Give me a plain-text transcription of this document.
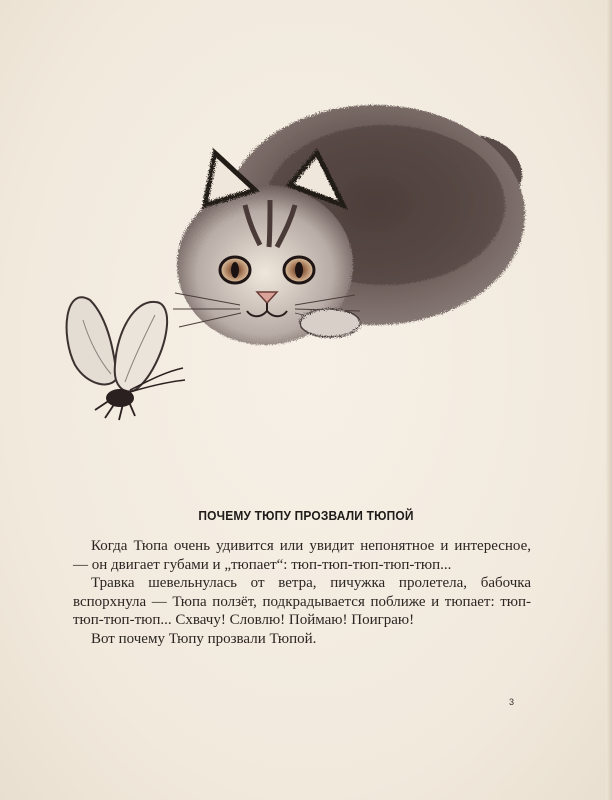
ПОЧЕМУ ТЮПУ ПРОЗВАЛИ ТЮПОЙ

Когда Тюпа очень удивится или увидит непонятное и интересное, — он двигает губами и „тюпает“: тюп-тюп-тюп-тюп-тюп...

Травка шевельнулась от ветра, пичужка пролетела, бабочка вспорхнула — Тюпа ползёт, подкрадывается поближе и тюпает: тюп-тюп-тюп-тюп... Схвачу! Словлю! Поймаю! Поиграю!

Вот почему Тюпу прозвали Тюпой.

3
